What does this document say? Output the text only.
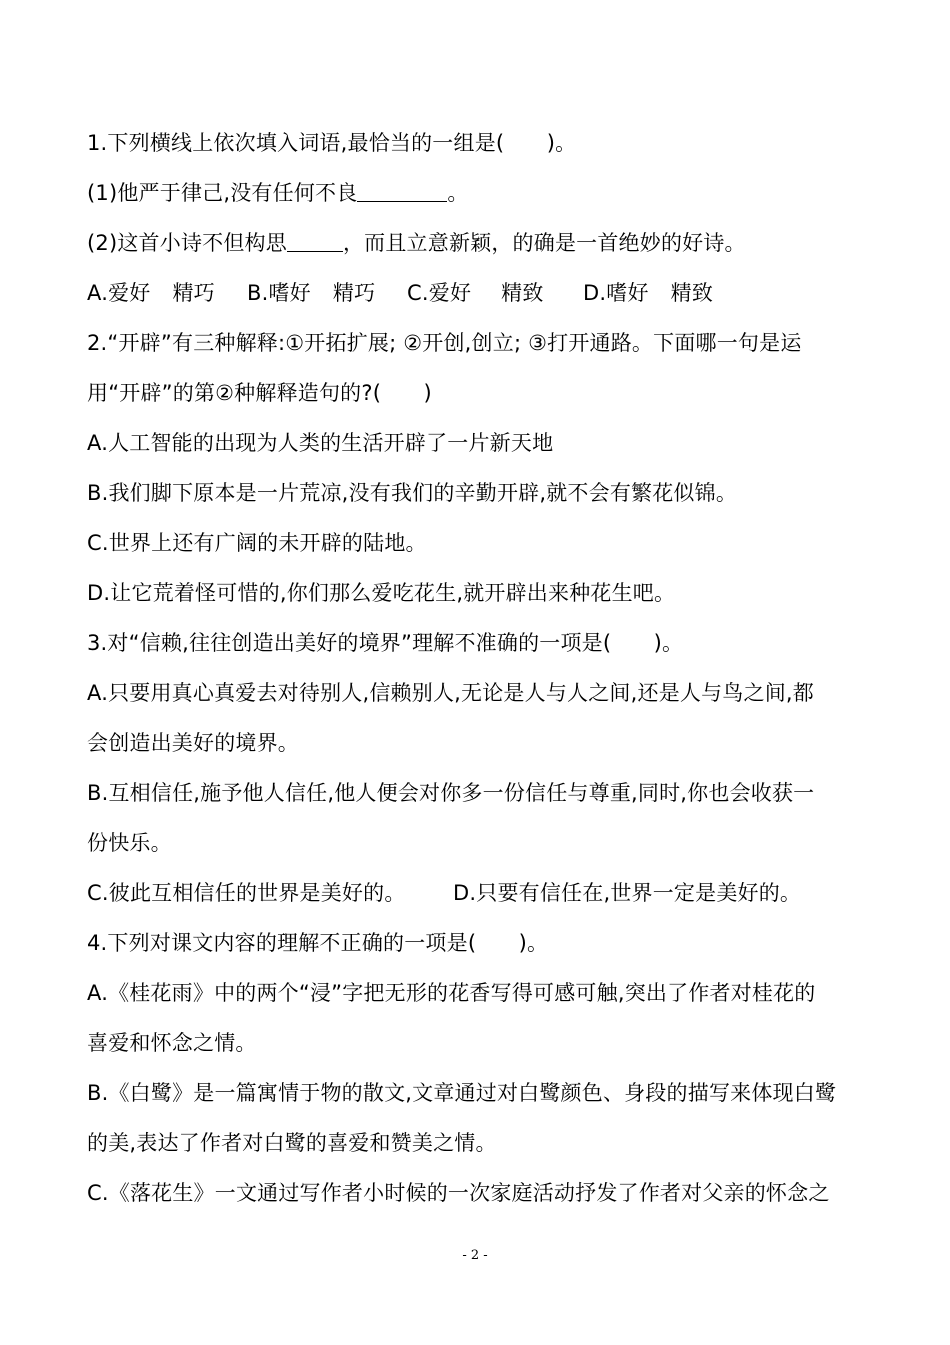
1.下列横线上依次填入词语,最恰当的一组是(　　)。
(1)他严于律己,没有任何不良	。
(2)这首小诗不但构思	，而且立意新颖，的确是一首绝妙的好诗。
A.爱好 精巧 B.嗜好 精巧 C.爱好 精致 D.嗜好 精致
2.“开辟”有三种解释:①开拓扩展; ②开创,创立; ③打开通路。下面哪一句是运
用“开辟”的第②种解释造句的?(　　)
A.人工智能的出现为人类的生活开辟了一片新天地
B.我们脚下原本是一片荒凉,没有我们的辛勤开辟,就不会有繁花似锦。
C.世界上还有广阔的未开辟的陆地。
D.让它荒着怪可惜的,你们那么爱吃花生,就开辟出来种花生吧。
3.对“信赖,往往创造出美好的境界”理解不准确的一项是(　　)。
A.只要用真心真爱去对待别人,信赖别人,无论是人与人之间,还是人与鸟之间,都
会创造出美好的境界。
B.互相信任,施予他人信任,他人便会对你多一份信任与尊重,同时,你也会收获一
份快乐。
C.彼此互相信任的世界是美好的。 D.只要有信任在,世界一定是美好的。
4.下列对课文内容的理解不正确的一项是(　　)。
A.《桂花雨》中的两个“浸”字把无形的花香写得可感可触,突出了作者对桂花的
喜爱和怀念之情。
B.《白鹭》是一篇寓情于物的散文,文章通过对白鹭颜色、身段的描写来体现白鹭
的美,表达了作者对白鹭的喜爱和赞美之情。
C.《落花生》一文通过写作者小时候的一次家庭活动抒发了作者对父亲的怀念之
- 2 -
